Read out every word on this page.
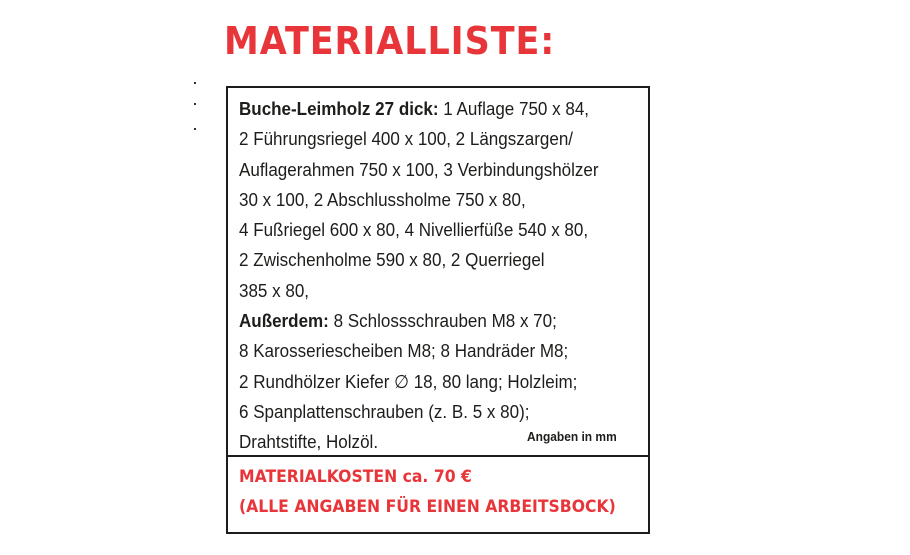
MATERIALLISTE:
Buche-Leimholz 27 dick: 1 Auflage 750 x 84,
2 Führungsriegel 400 x 100, 2 Längszargen/
Auflagerahmen 750 x 100, 3 Verbindungshölzer
30 x 100, 2 Abschlussholme 750 x 80,
4 Fußriegel 600 x 80, 4 Nivellierfüße 540 x 80,
2 Zwischenholme 590 x 80, 2 Querriegel
385 x 80,
Außerdem: 8 Schlossschrauben M8 x 70;
8 Karosseriescheiben M8; 8 Handräder M8;
2 Rundhölzer Kiefer ∅ 18, 80 lang; Holzleim;
6 Spanplattenschrauben (z. B. 5 x 80);
Drahtstifte, Holzöl.	Angaben in mm
MATERIALKOSTEN ca. 70 €
(ALLE ANGABEN FÜR EINEN ARBEITSBOCK)
